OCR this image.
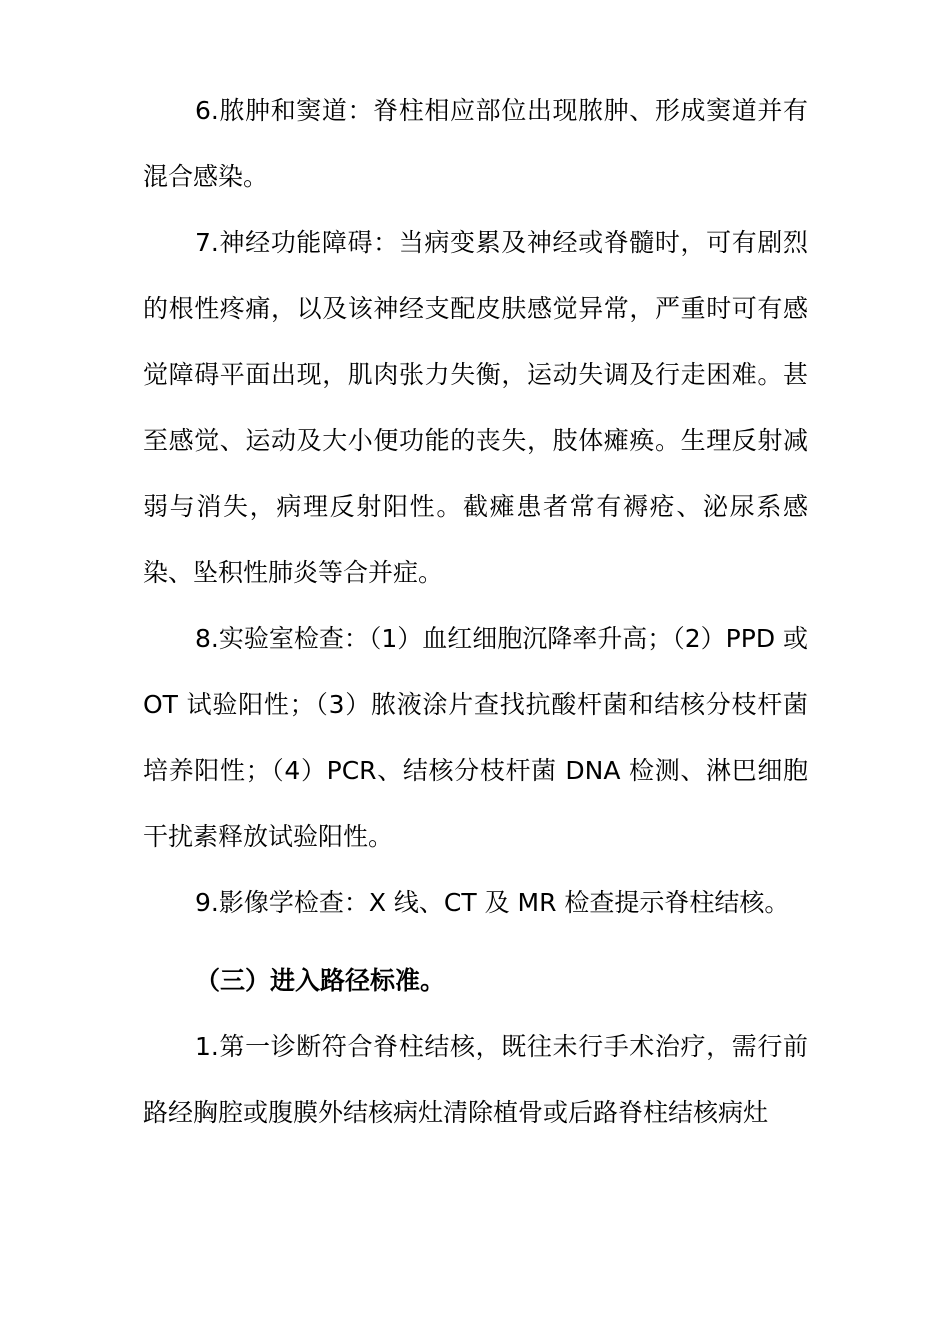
6.脓肿和窦道：脊柱相应部位出现脓肿、形成窦道并有混合感染。

7.神经功能障碍：当病变累及神经或脊髓时，可有剧烈的根性疼痛，以及该神经支配皮肤感觉异常，严重时可有感觉障碍平面出现，肌肉张力失衡，运动失调及行走困难。甚至感觉、运动及大小便功能的丧失，肢体瘫痪。生理反射减弱与消失，病理反射阳性。截瘫患者常有褥疮、泌尿系感染、坠积性肺炎等合并症。

8.实验室检查：（1）血红细胞沉降率升高；（2）PPD 或 OT 试验阳性；（3）脓液涂片查找抗酸杆菌和结核分枝杆菌培养阳性；（4）PCR、结核分枝杆菌 DNA 检测、淋巴细胞干扰素释放试验阳性。

9.影像学检查：X 线、CT 及 MR 检查提示脊柱结核。

（三）进入路径标准。

1.第一诊断符合脊柱结核，既往未行手术治疗，需行前路经胸腔或腹膜外结核病灶清除植骨或后路脊柱结核病灶
